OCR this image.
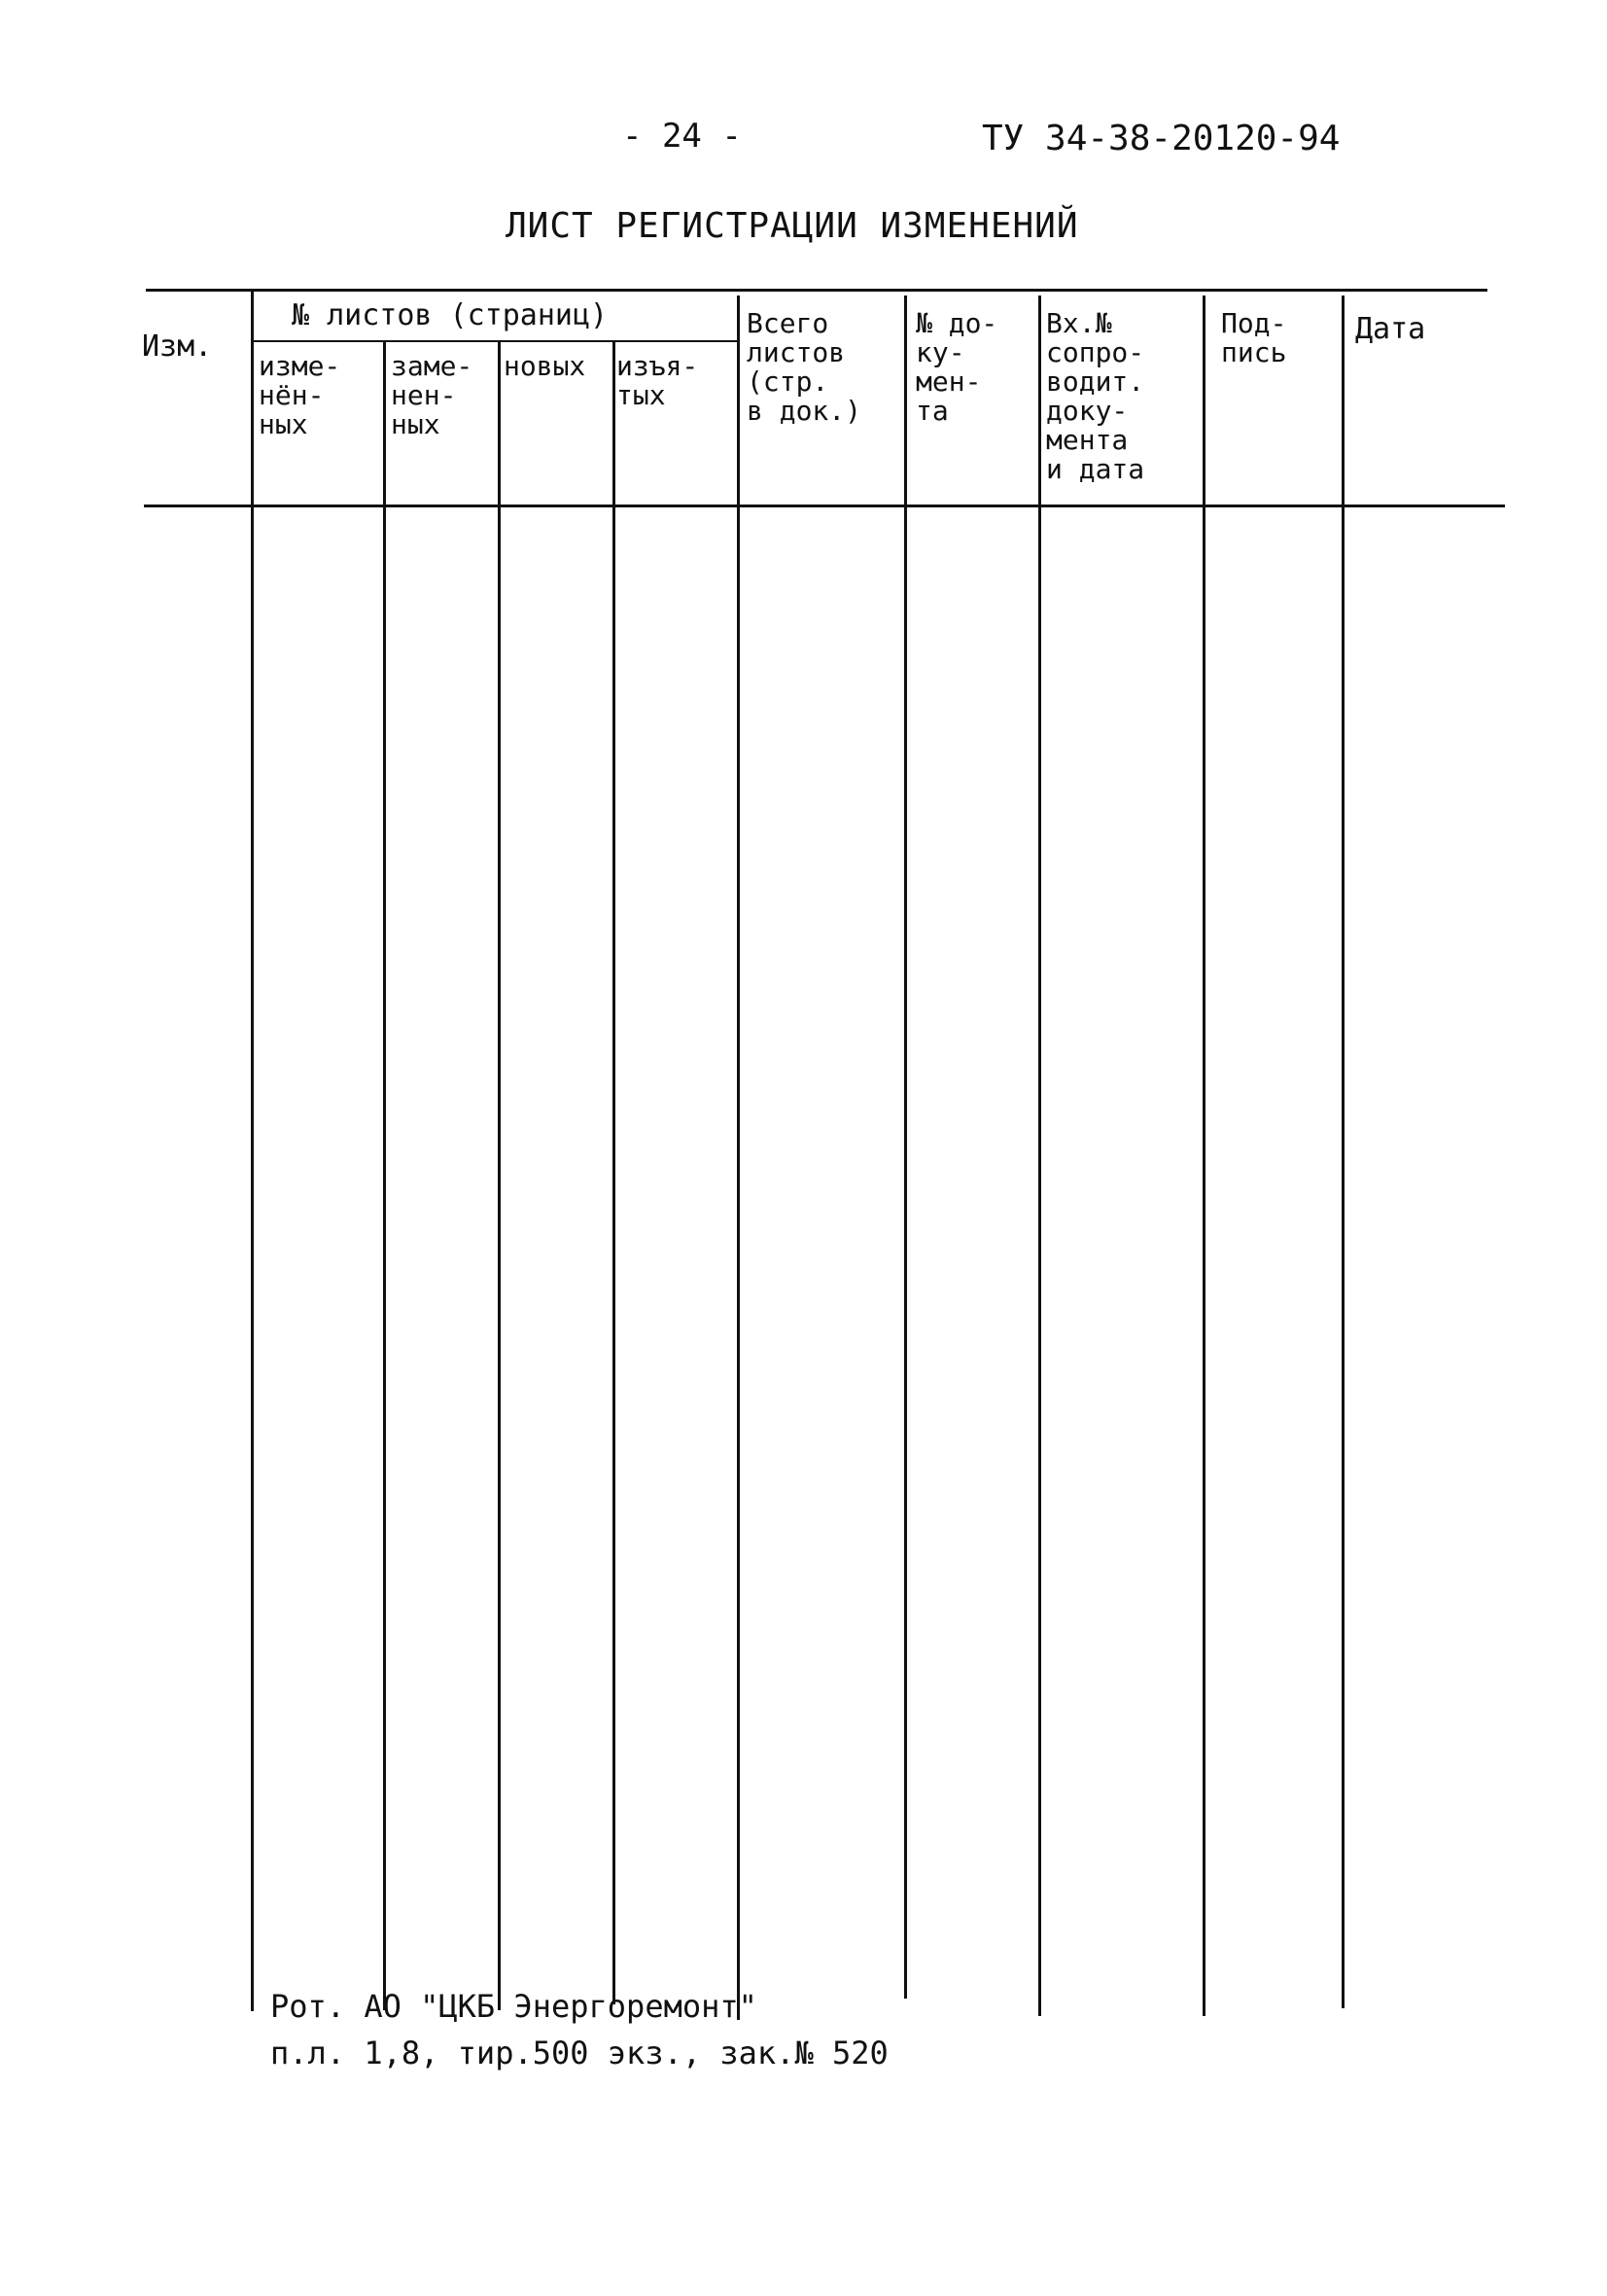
- 24 -	ТУ 34-38-20120-94
ЛИСТ РЕГИСТРАЦИИ ИЗМЕНЕНИЙ
Изм.
№ листов (страниц)
изме-
нён-
ных
заме-
нен-
ных
новых изъя-
тых
Всего
листов
(стр.
в док.)
№ до-
ку-
мен-
та
Вх.№
сопро-
водит.
доку-
мента
и дата
Под-
пись
Дата
Рот. АО "ЦКБ Энергоремонт"
п.л. 1,8, тир.500 экз., зак.№ 520
